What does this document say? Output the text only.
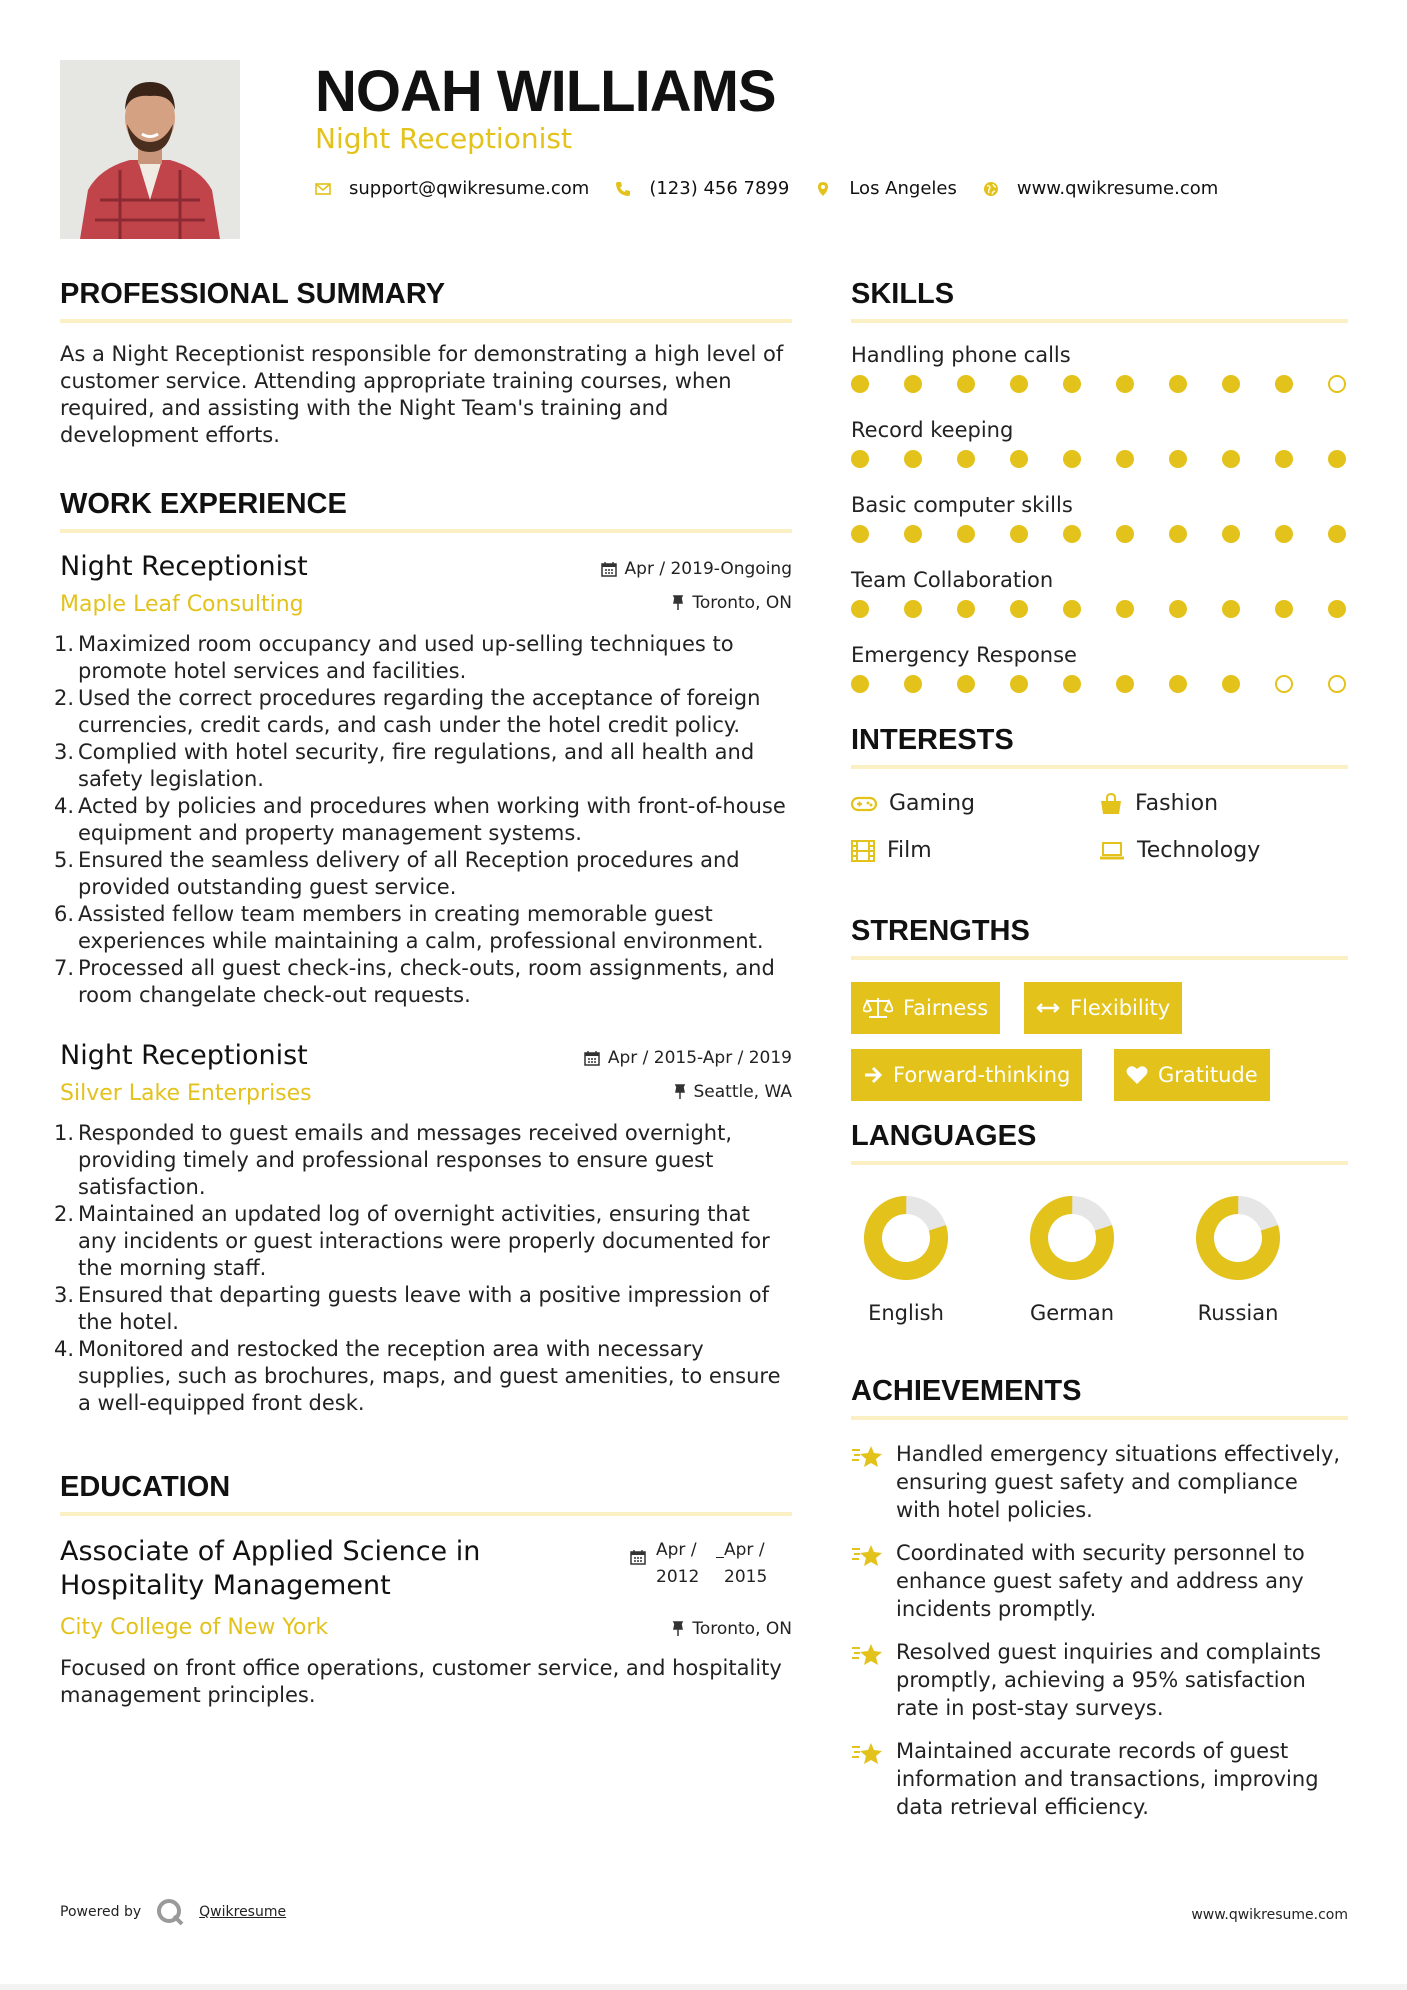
NOAH WILLIAMS
Night Receptionist
support@qwikresume.com	(123) 456 7899	Los Angeles	www.qwikresume.com
PROFESSIONAL SUMMARY

As a Night Receptionist responsible for demonstrating a high level of customer service. Attending appropriate training courses, when required, and assisting with the Night Team's training and development efforts.

WORK EXPERIENCE
Night Receptionist
Maple Leaf Consulting
Apr / 2019-Ongoing
Toronto, ON
1. Maximized room occupancy and used up-selling techniques to promote hotel services and facilities.
2. Used the correct procedures regarding the acceptance of foreign currencies, credit cards, and cash under the hotel credit policy.
3. Complied with hotel security, fire regulations, and all health and safety legislation.
4. Acted by policies and procedures when working with front-of-house equipment and property management systems.
5. Ensured the seamless delivery of all Reception procedures and provided outstanding guest service.
6. Assisted fellow team members in creating memorable guest experiences while maintaining a calm, professional environment.
7. Processed all guest check-ins, check-outs, room assignments, and room changelate check-out requests.
Night Receptionist
Silver Lake Enterprises
Apr / 2015-Apr / 2019
Seattle, WA
1. Responded to guest emails and messages received overnight, providing timely and professional responses to ensure guest satisfaction.
2. Maintained an updated log of overnight activities, ensuring that any incidents or guest interactions were properly documented for the morning staff.
3. Ensured that departing guests leave with a positive impression of the hotel.
4. Monitored and restocked the reception area with necessary supplies, such as brochures, maps, and guest amenities, to ensure a well-equipped front desk.
EDUCATION
Associate of Applied Science in Hospitality Management
City College of New York
Apr /
2012
Apr /
2015
Toronto, ON

Focused on front office operations, customer service, and hospitality management principles.

SKILLS
Handling phone calls
Record keeping
Basic computer skills
Team Collaboration
Emergency Response
INTERESTS
Gaming	Fashion
Film	Technology
STRENGTHS
Fairness	Flexibility
Forward-thinking	Gratitude
LANGUAGES
English	German	Russian
ACHIEVEMENTS
Handled emergency situations effectively, ensuring guest safety and compliance with hotel policies.
Coordinated with security personnel to enhance guest safety and address any incidents promptly.
Resolved guest inquiries and complaints promptly, achieving a 95% satisfaction rate in post-stay surveys.
Maintained accurate records of guest information and transactions, improving data retrieval efficiency.
Powered by	Qwikresume	www.qwikresume.com
